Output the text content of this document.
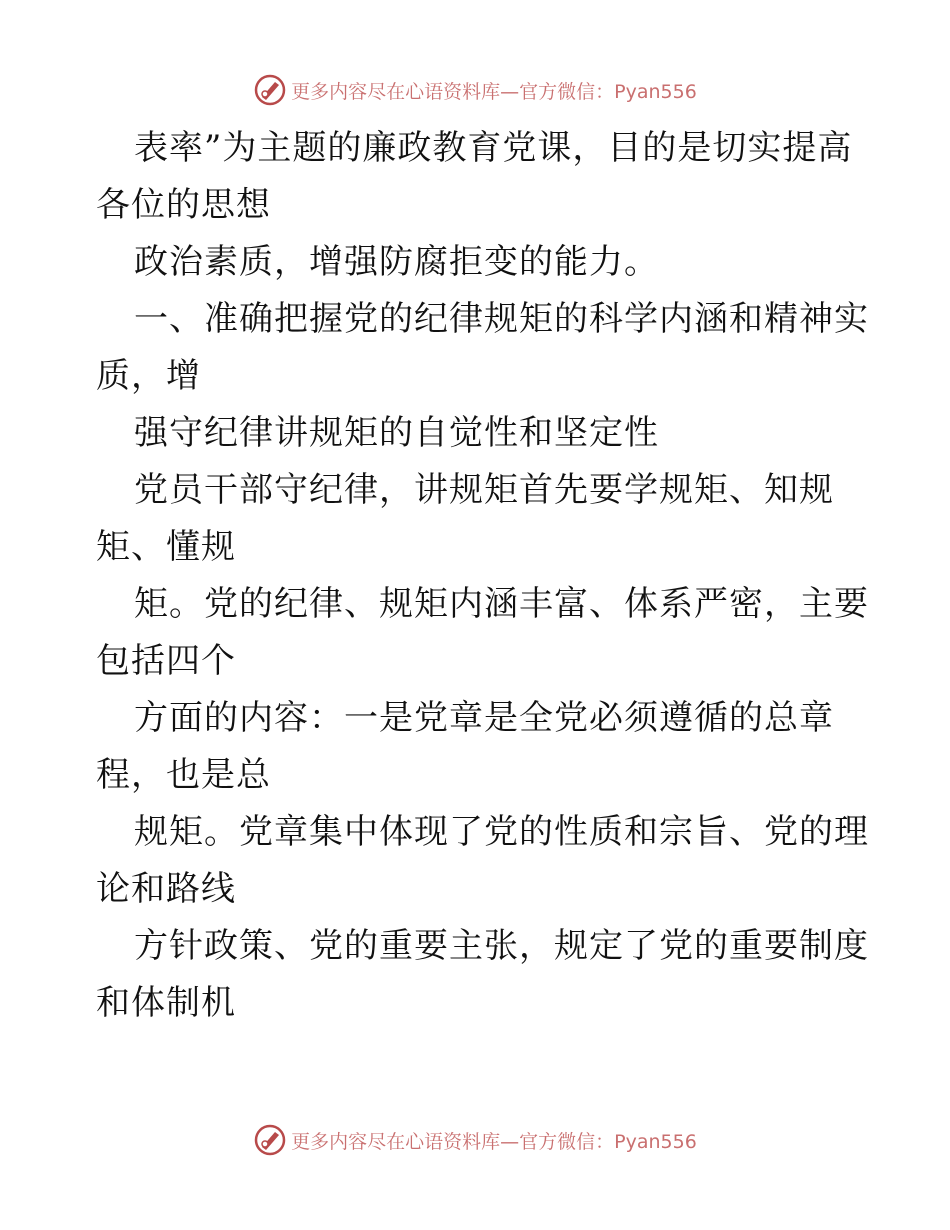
更多内容尽在心语资料库—官方微信：Pyan556
表率”为主题的廉政教育党课，目的是切实提高
各位的思想
政治素质，增强防腐拒变的能力。
一、准确把握党的纪律规矩的科学内涵和精神实
质，增
强守纪律讲规矩的自觉性和坚定性
党员干部守纪律，讲规矩首先要学规矩、知规
矩、懂规
矩。党的纪律、规矩内涵丰富、体系严密，主要
包括四个
方面的内容：一是党章是全党必须遵循的总章
程，也是总
规矩。党章集中体现了党的性质和宗旨、党的理
论和路线
方针政策、党的重要主张，规定了党的重要制度
和体制机
更多内容尽在心语资料库—官方微信：Pyan556
